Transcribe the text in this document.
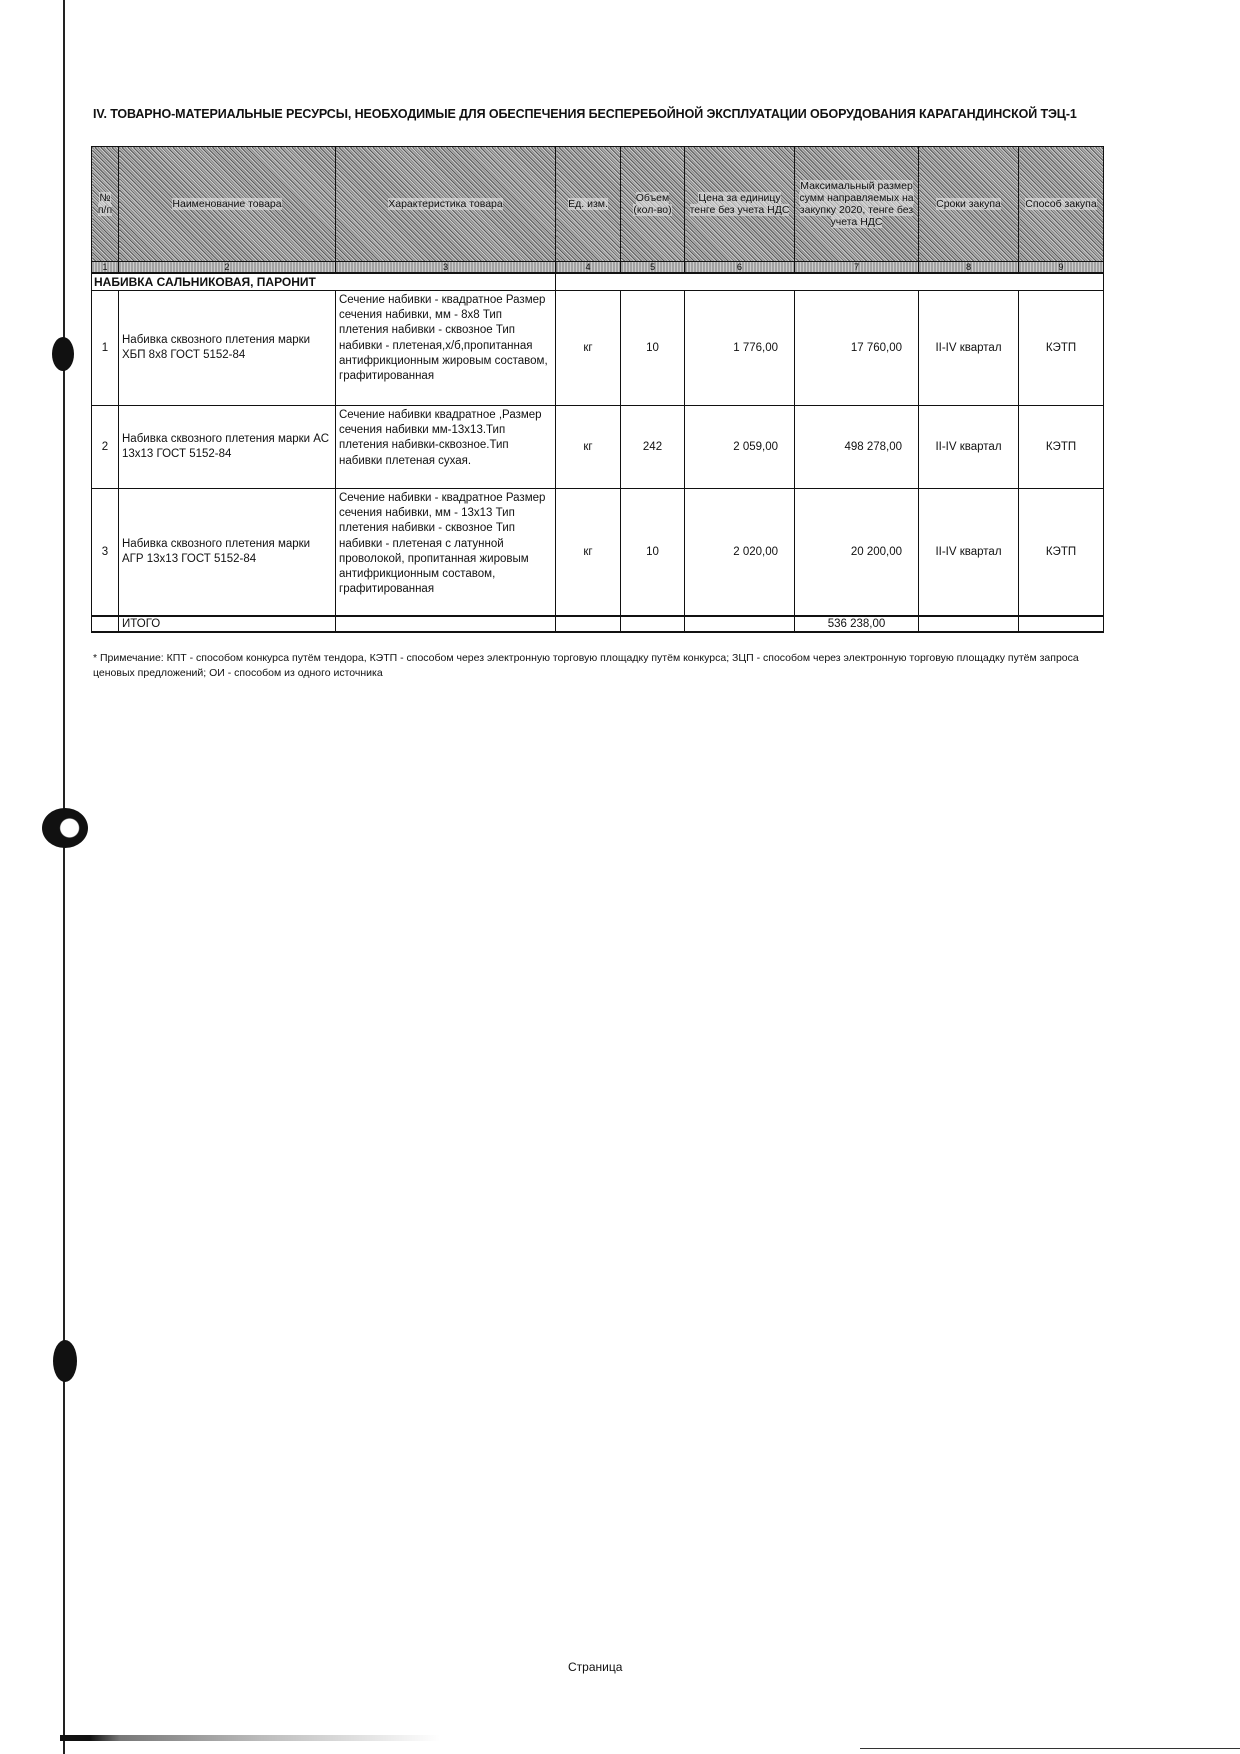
IV. ТОВАРНО-МАТЕРИАЛЬНЫЕ РЕСУРСЫ, НЕОБХОДИМЫЕ ДЛЯ ОБЕСПЕЧЕНИЯ БЕСПЕРЕБОЙНОЙ ЭКСПЛУАТАЦИИ ОБОРУДОВАНИЯ КАРАГАНДИНСКОЙ ТЭЦ-1
№ п/п	Наименование товара	Характеристика товара	Ед. изм.	Объем (кол-во)	Цена за единицу тенге без учета НДС	Максимальный размер сумм направляемых на закупку 2020, тенге без учета НДС	Сроки закупа	Способ закупа
1	2	3	4	5	6	7	8	9
НАБИВКА САЛЬНИКОВАЯ, ПАРОНИТ								
1	Набивка сквозного плетения марки ХБП 8х8 ГОСТ 5152-84	Сечение набивки - квадратное Размер сечения набивки, мм - 8х8 Тип плетения набивки - сквозное Тип набивки - плетеная,х/б,пропитанная антифрикционным жировым составом, графитированная	кг	10	1 776,00	17 760,00	II-IV квартал	КЭТП
2	Набивка сквозного плетения марки АС 13х13 ГОСТ 5152-84	Сечение набивки квадратное ,Размер сечения набивки мм-13х13.Тип плетения набивки-сквозное.Тип набивки плетеная сухая.	кг	242	2 059,00	498 278,00	II-IV квартал	КЭТП
3	Набивка сквозного плетения марки АГР 13х13 ГОСТ 5152-84	Сечение набивки - квадратное Размер сечения набивки, мм - 13х13 Тип плетения набивки - сквозное Тип набивки - плетеная с латунной проволокой, пропитанная жировым антифрикционным составом, графитированная	кг	10	2 020,00	20 200,00	II-IV квартал	КЭТП
	ИТОГО					536 238,00		
* Примечание: КПТ - способом конкурса путём тендора, КЭТП - способом через электронную торговую площадку путём конкурса; ЗЦП - способом через электронную торговую площадку путём запроса ценовых предложений; ОИ - способом из одного источника
Страница
